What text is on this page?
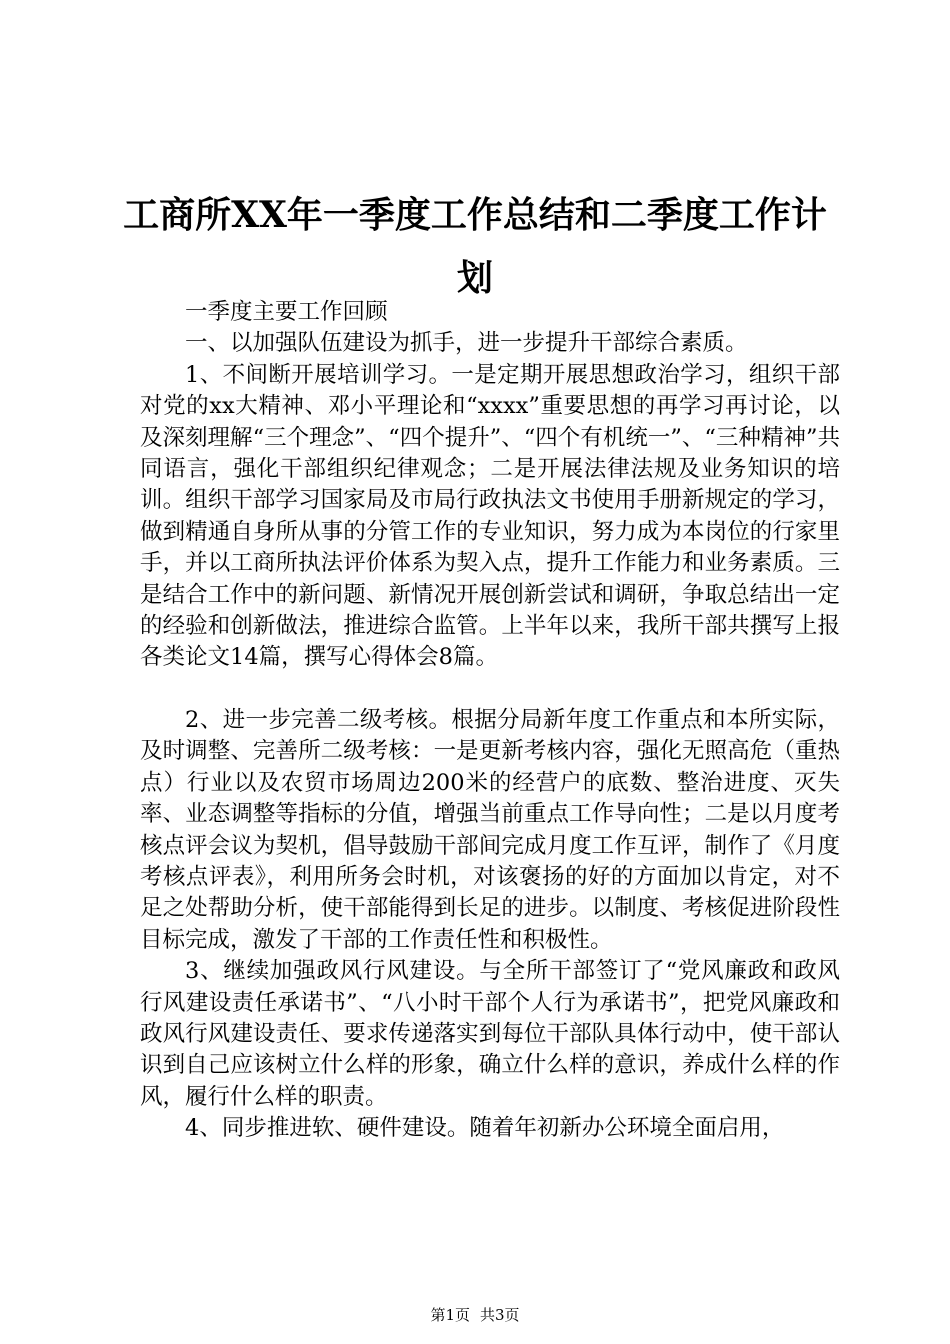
工商所XX年一季度工作总结和二季度工作计划

一季度主要工作回顾

一、以加强队伍建设为抓手，进一步提升干部综合素质。

1、不间断开展培训学习。一是定期开展思想政治学习，组织干部对党的xx大精神、邓小平理论和“xxxx”重要思想的再学习再讨论，以及深刻理解“三个理念”、“四个提升”、“四个有机统一”、“三种精神”共同语言，强化干部组织纪律观念；二是开展法律法规及业务知识的培训。组织干部学习国家局及市局行政执法文书使用手册新规定的学习，做到精通自身所从事的分管工作的专业知识，努力成为本岗位的行家里手，并以工商所执法评价体系为契入点，提升工作能力和业务素质。三是结合工作中的新问题、新情况开展创新尝试和调研，争取总结出一定的经验和创新做法，推进综合监管。上半年以来，我所干部共撰写上报各类论文14篇，撰写心得体会8篇。

2、进一步完善二级考核。根据分局新年度工作重点和本所实际，及时调整、完善所二级考核：一是更新考核内容，强化无照高危（重热点）行业以及农贸市场周边200米的经营户的底数、整治进度、灭失率、业态调整等指标的分值，增强当前重点工作导向性；二是以月度考核点评会议为契机，倡导鼓励干部间完成月度工作互评，制作了《月度考核点评表》，利用所务会时机，对该褒扬的好的方面加以肯定，对不足之处帮助分析，使干部能得到长足的进步。以制度、考核促进阶段性目标完成，激发了干部的工作责任性和积极性。

3、继续加强政风行风建设。与全所干部签订了“党风廉政和政风行风建设责任承诺书”、“八小时干部个人行为承诺书”，把党风廉政和政风行风建设责任、要求传递落实到每位干部队具体行动中，使干部认识到自己应该树立什么样的形象，确立什么样的意识，养成什么样的作风，履行什么样的职责。

4、同步推进软、硬件建设。随着年初新办公环境全面启用，

第1页 共3页
